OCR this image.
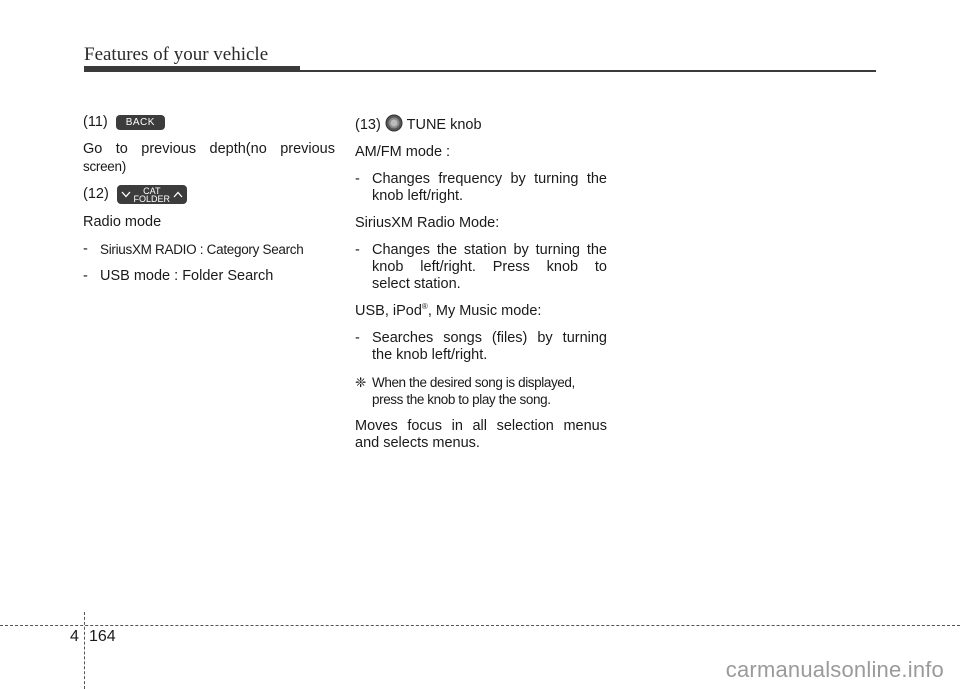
Features of your vehicle
(11)	BACK
Go to previous depth(no previous
screen)
(12)	CAT
FOLDER
Radio mode
- SiriusXM RADIO : Category Search
- USB mode : Folder Search
(13) TUNE knob
AM/FM mode :
- Changes frequency by turning the
knob left/right.
SiriusXM Radio Mode:
- Changes the station by turning the
knob left/right. Press knob to
select station.
USB, iPod®, My Music mode:
- Searches songs (files) by turning
the knob left/right.
❈ When the desired song is displayed,
press the knob to play the song.
Moves focus in all selection menus
and selects menus.
4 164
carmanualsonline.info
